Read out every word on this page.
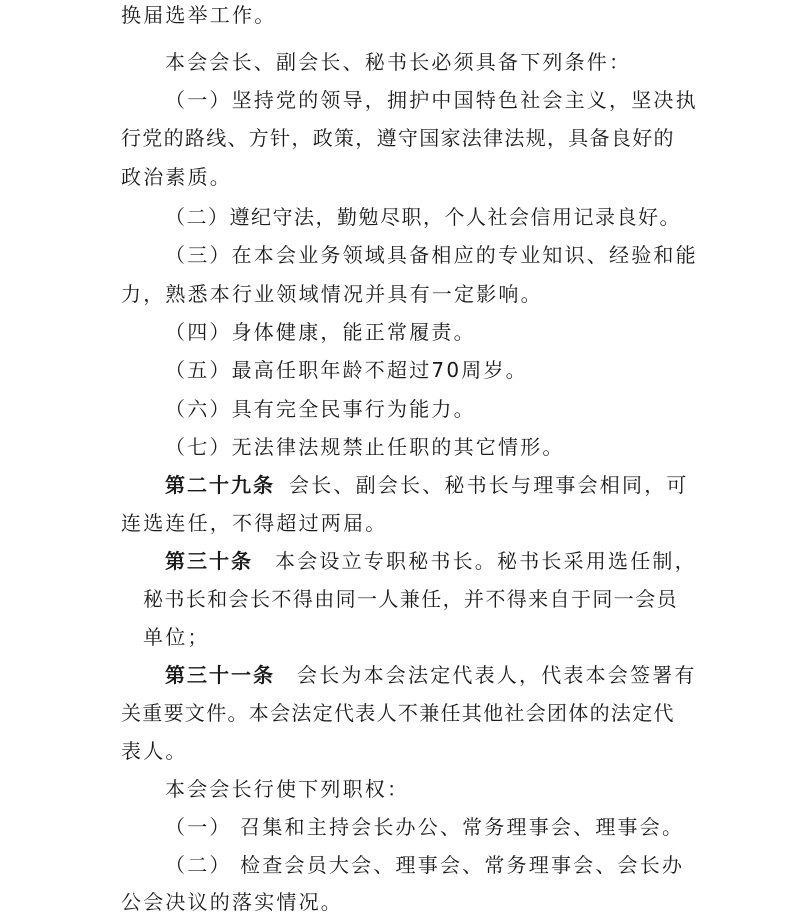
换届选举工作。
本会会长、副会长、秘书长必须具备下列条件：
（一）坚持党的领导，拥护中国特色社会主义，坚决执
行党的路线、方针，政策，遵守国家法律法规，具备良好的
政治素质。
（二）遵纪守法，勤勉尽职，个人社会信用记录良好。
（三）在本会业务领域具备相应的专业知识、经验和能
力，熟悉本行业领域情况并具有一定影响。
（四）身体健康，能正常履责。
（五）最高任职年龄不超过70周岁。
（六）具有完全民事行为能力。
（七）无法律法规禁止任职的其它情形。
第二十九条 会长、副会长、秘书长与理事会相同，可
连选连任，不得超过两届。
第三十条 本会设立专职秘书长。秘书长采用选任制，
秘书长和会长不得由同一人兼任，并不得来自于同一会员
单位；
第三十一条 会长为本会法定代表人，代表本会签署有
关重要文件。本会法定代表人不兼任其他社会团体的法定代
表人。
本会会长行使下列职权：
（一） 召集和主持会长办公、常务理事会、理事会。
（二） 检查会员大会、理事会、常务理事会、会长办
公会决议的落实情况。
